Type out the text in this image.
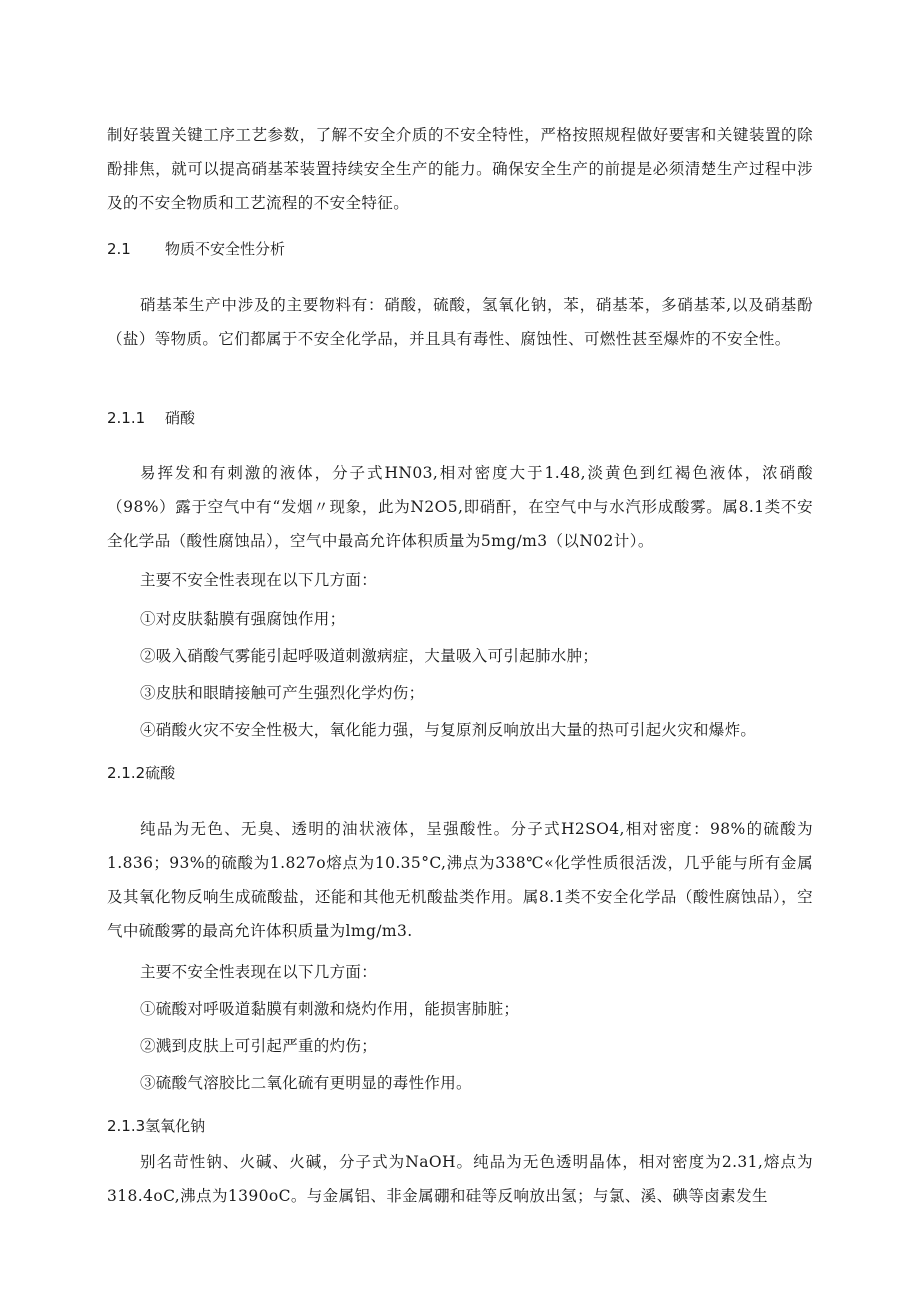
制好装置关键工序工艺参数，了解不安全介质的不安全特性，严格按照规程做好要害和关键装置的除酚排焦，就可以提高硝基苯装置持续安全生产的能力。确保安全生产的前提是必须清楚生产过程中涉及的不安全物质和工艺流程的不安全特征。

2.1 物质不安全性分析

硝基苯生产中涉及的主要物料有：硝酸，硫酸，氢氧化钠，苯，硝基苯，多硝基苯,以及硝基酚（盐）等物质。它们都属于不安全化学品，并且具有毒性、腐蚀性、可燃性甚至爆炸的不安全性。

2.1.1 硝酸

易挥发和有刺激的液体，分子式HN03,相对密度大于1.48,淡黄色到红褐色液体，浓硝酸（98%）露于空气中有“发烟〃现象，此为N2O5,即硝酐，在空气中与水汽形成酸雾。属8.1类不安全化学品（酸性腐蚀品），空气中最高允许体积质量为5mg∕m3（以N02计）。

主要不安全性表现在以下几方面：

①对皮肤黏膜有强腐蚀作用；

②吸入硝酸气雾能引起呼吸道刺激病症，大量吸入可引起肺水肿；

③皮肤和眼睛接触可产生强烈化学灼伤；

④硝酸火灾不安全性极大，氧化能力强，与复原剂反响放出大量的热可引起火灾和爆炸。

2.1.2硫酸

纯品为无色、无臭、透明的油状液体，呈强酸性。分子式H2SO4,相对密度：98%的硫酸为1.836；93%的硫酸为1.827o熔点为10.35°C,沸点为338℃«化学性质很活泼，几乎能与所有金属及其氧化物反响生成硫酸盐，还能和其他无机酸盐类作用。属8.1类不安全化学品（酸性腐蚀品），空气中硫酸雾的最高允许体积质量为lmg∕m3.

主要不安全性表现在以下几方面：

①硫酸对呼吸道黏膜有刺激和烧灼作用，能损害肺脏；

②溅到皮肤上可引起严重的灼伤；

③硫酸气溶胶比二氧化硫有更明显的毒性作用。

2.1.3氢氧化钠

别名苛性钠、火碱、火碱，分子式为NaOH。纯品为无色透明晶体，相对密度为2.31,熔点为318.4oC,沸点为1390oC。与金属铝、非金属硼和硅等反响放出氢；与氯、溪、碘等卤素发生
